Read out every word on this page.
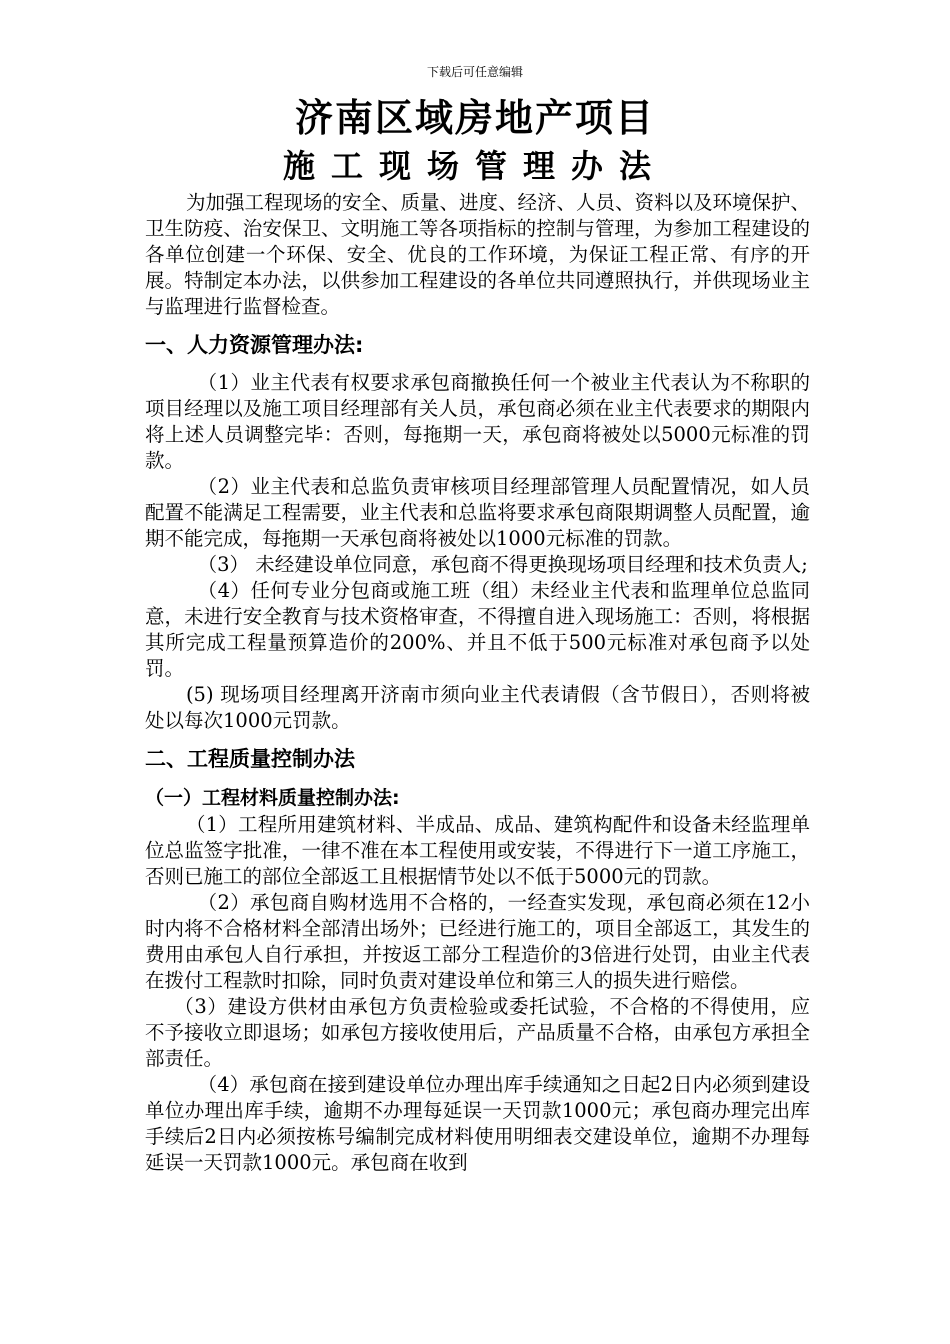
下载后可任意编辑
济南区域房地产项目
施工现场管理办法

为加强工程现场的安全、质量、进度、经济、人员、资料以及环境保护、卫生防疫、治安保卫、文明施工等各项指标的控制与管理，为参加工程建设的各单位创建一个环保、安全、优良的工作环境，为保证工程正常、有序的开展。特制定本办法，以供参加工程建设的各单位共同遵照执行，并供现场业主与监理进行监督检查。

一、人力资源管理办法:

（1）业主代表有权要求承包商撤换任何一个被业主代表认为不称职的项目经理以及施工项目经理部有关人员，承包商必须在业主代表要求的期限内将上述人员调整完毕：否则，每拖期一天，承包商将被处以5000元标准的罚款。

（2）业主代表和总监负责审核项目经理部管理人员配置情况，如人员配置不能满足工程需要，业主代表和总监将要求承包商限期调整人员配置，逾期不能完成，每拖期一天承包商将被处以1000元标准的罚款。

（3） 未经建设单位同意，承包商不得更换现场项目经理和技术负责人;

（4）任何专业分包商或施工班（组）未经业主代表和监理单位总监同意，未进行安全教育与技术资格审查，不得擅自进入现场施工：否则，将根据其所完成工程量预算造价的200%、并且不低于500元标准对承包商予以处罚。

(5) 现场项目经理离开济南市须向业主代表请假（含节假日），否则将被处以每次1000元罚款。

二、工程质量控制办法
（一）工程材料质量控制办法:

（1）工程所用建筑材料、半成品、成品、建筑构配件和设备未经监理单位总监签字批准，一律不准在本工程使用或安装，不得进行下一道工序施工，否则已施工的部位全部返工且根据情节处以不低于5000元的罚款。

（2）承包商自购材选用不合格的，一经查实发现，承包商必须在12小时内将不合格材料全部清出场外；已经进行施工的，项目全部返工，其发生的费用由承包人自行承担，并按返工部分工程造价的3倍进行处罚，由业主代表在拨付工程款时扣除，同时负责对建设单位和第三人的损失进行赔偿。

（3）建设方供材由承包方负责检验或委托试验，不合格的不得使用，应不予接收立即退场；如承包方接收使用后，产品质量不合格，由承包方承担全部责任。

（4）承包商在接到建设单位办理出库手续通知之日起2日内必须到建设单位办理出库手续，逾期不办理每延误一天罚款1000元；承包商办理完出库手续后2日内必须按栋号编制完成材料使用明细表交建设单位，逾期不办理每延误一天罚款1000元。承包商在收到
